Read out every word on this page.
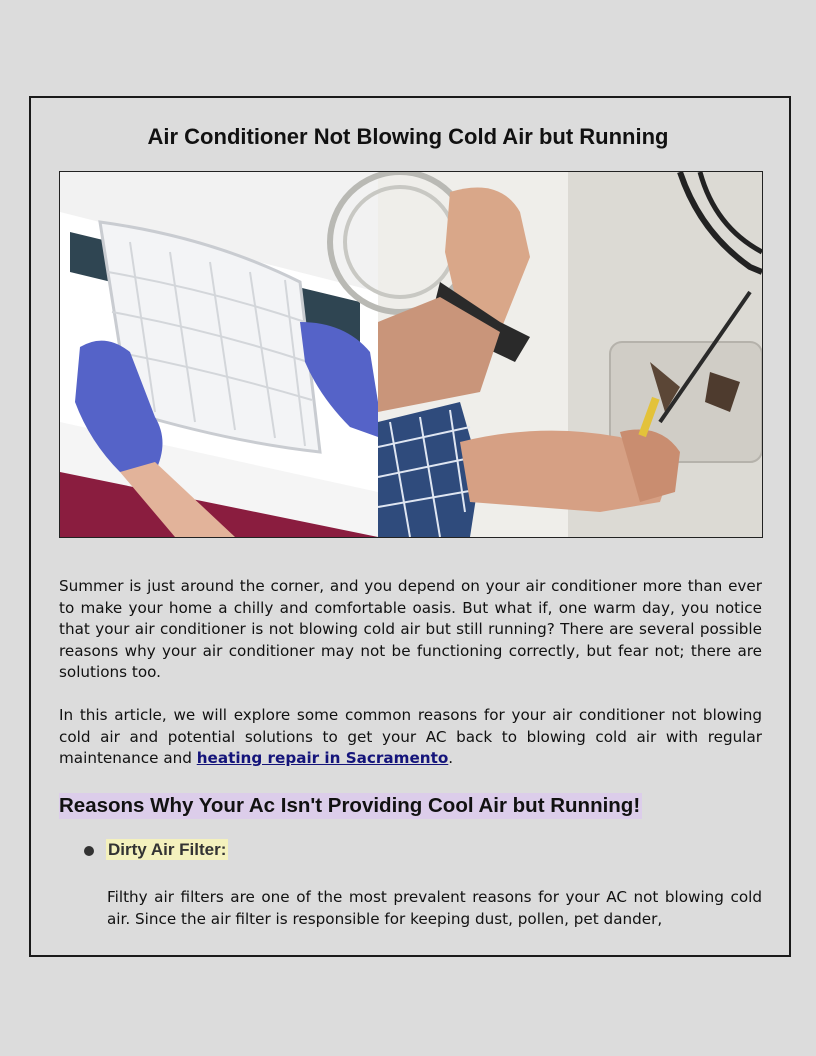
Air Conditioner Not Blowing Cold Air but Running

Summer is just around the corner, and you depend on your air conditioner more than ever to make your home a chilly and comfortable oasis. But what if, one warm day, you notice that your air conditioner is not blowing cold air but still running? There are several possible reasons why your air conditioner may not be functioning correctly, but fear not; there are solutions too.

In this article, we will explore some common reasons for your air conditioner not blowing cold air and potential solutions to get your AC back to blowing cold air with regular maintenance and heating repair in Sacramento.

Reasons Why Your Ac Isn't Providing Cool Air but Running!

Dirty Air Filter:

Filthy air filters are one of the most prevalent reasons for your AC not blowing cold air. Since the air filter is responsible for keeping dust, pollen, pet dander,
